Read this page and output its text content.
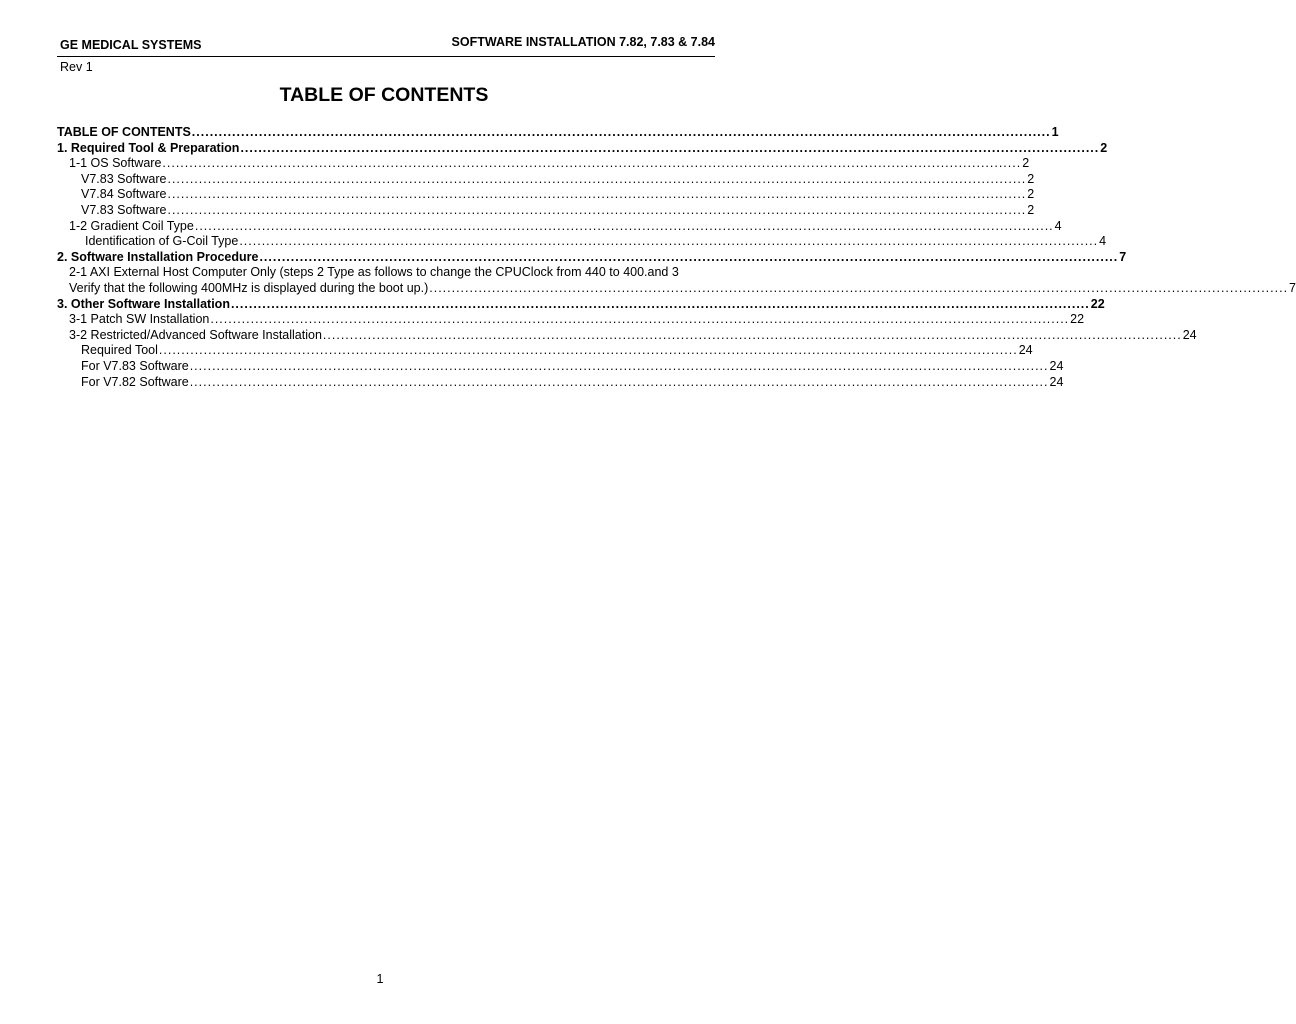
GE MEDICAL SYSTEMS	SOFTWARE INSTALLATION 7.82, 7.83 & 7.84
Rev 1
TABLE OF CONTENTS
TABLE OF CONTENTS ................................................................................................................................................................................................ 1
1. Required Tool & Preparation ................................................................................................................................................................................................ 2
1-1 OS Software ................................................................................................................................................................................................ 2
V7.83 Software ................................................................................................................................................................................................ 2
V7.84 Software ................................................................................................................................................................................................ 2
V7.83 Software ................................................................................................................................................................................................ 2
1-2 Gradient Coil Type ................................................................................................................................................................................................ 4
Identification of G-Coil Type ................................................................................................................................................................................................ 4
2. Software Installation Procedure ................................................................................................................................................................................................ 7
2-1 AXI External Host Computer Only (steps 2 Type as follows to change the CPUClock from 440 to 400.and 3
Verify that the following 400MHz is displayed during the boot up.) ................................................................................................................................................................................................ 7
3. Other Software Installation ................................................................................................................................................................................................ 22
3-1 Patch SW Installation ................................................................................................................................................................................................ 22
3-2 Restricted/Advanced Software Installation ................................................................................................................................................................................................ 24
Required Tool ................................................................................................................................................................................................ 24
For V7.83 Software ................................................................................................................................................................................................ 24
For V7.82 Software ................................................................................................................................................................................................ 24
1
